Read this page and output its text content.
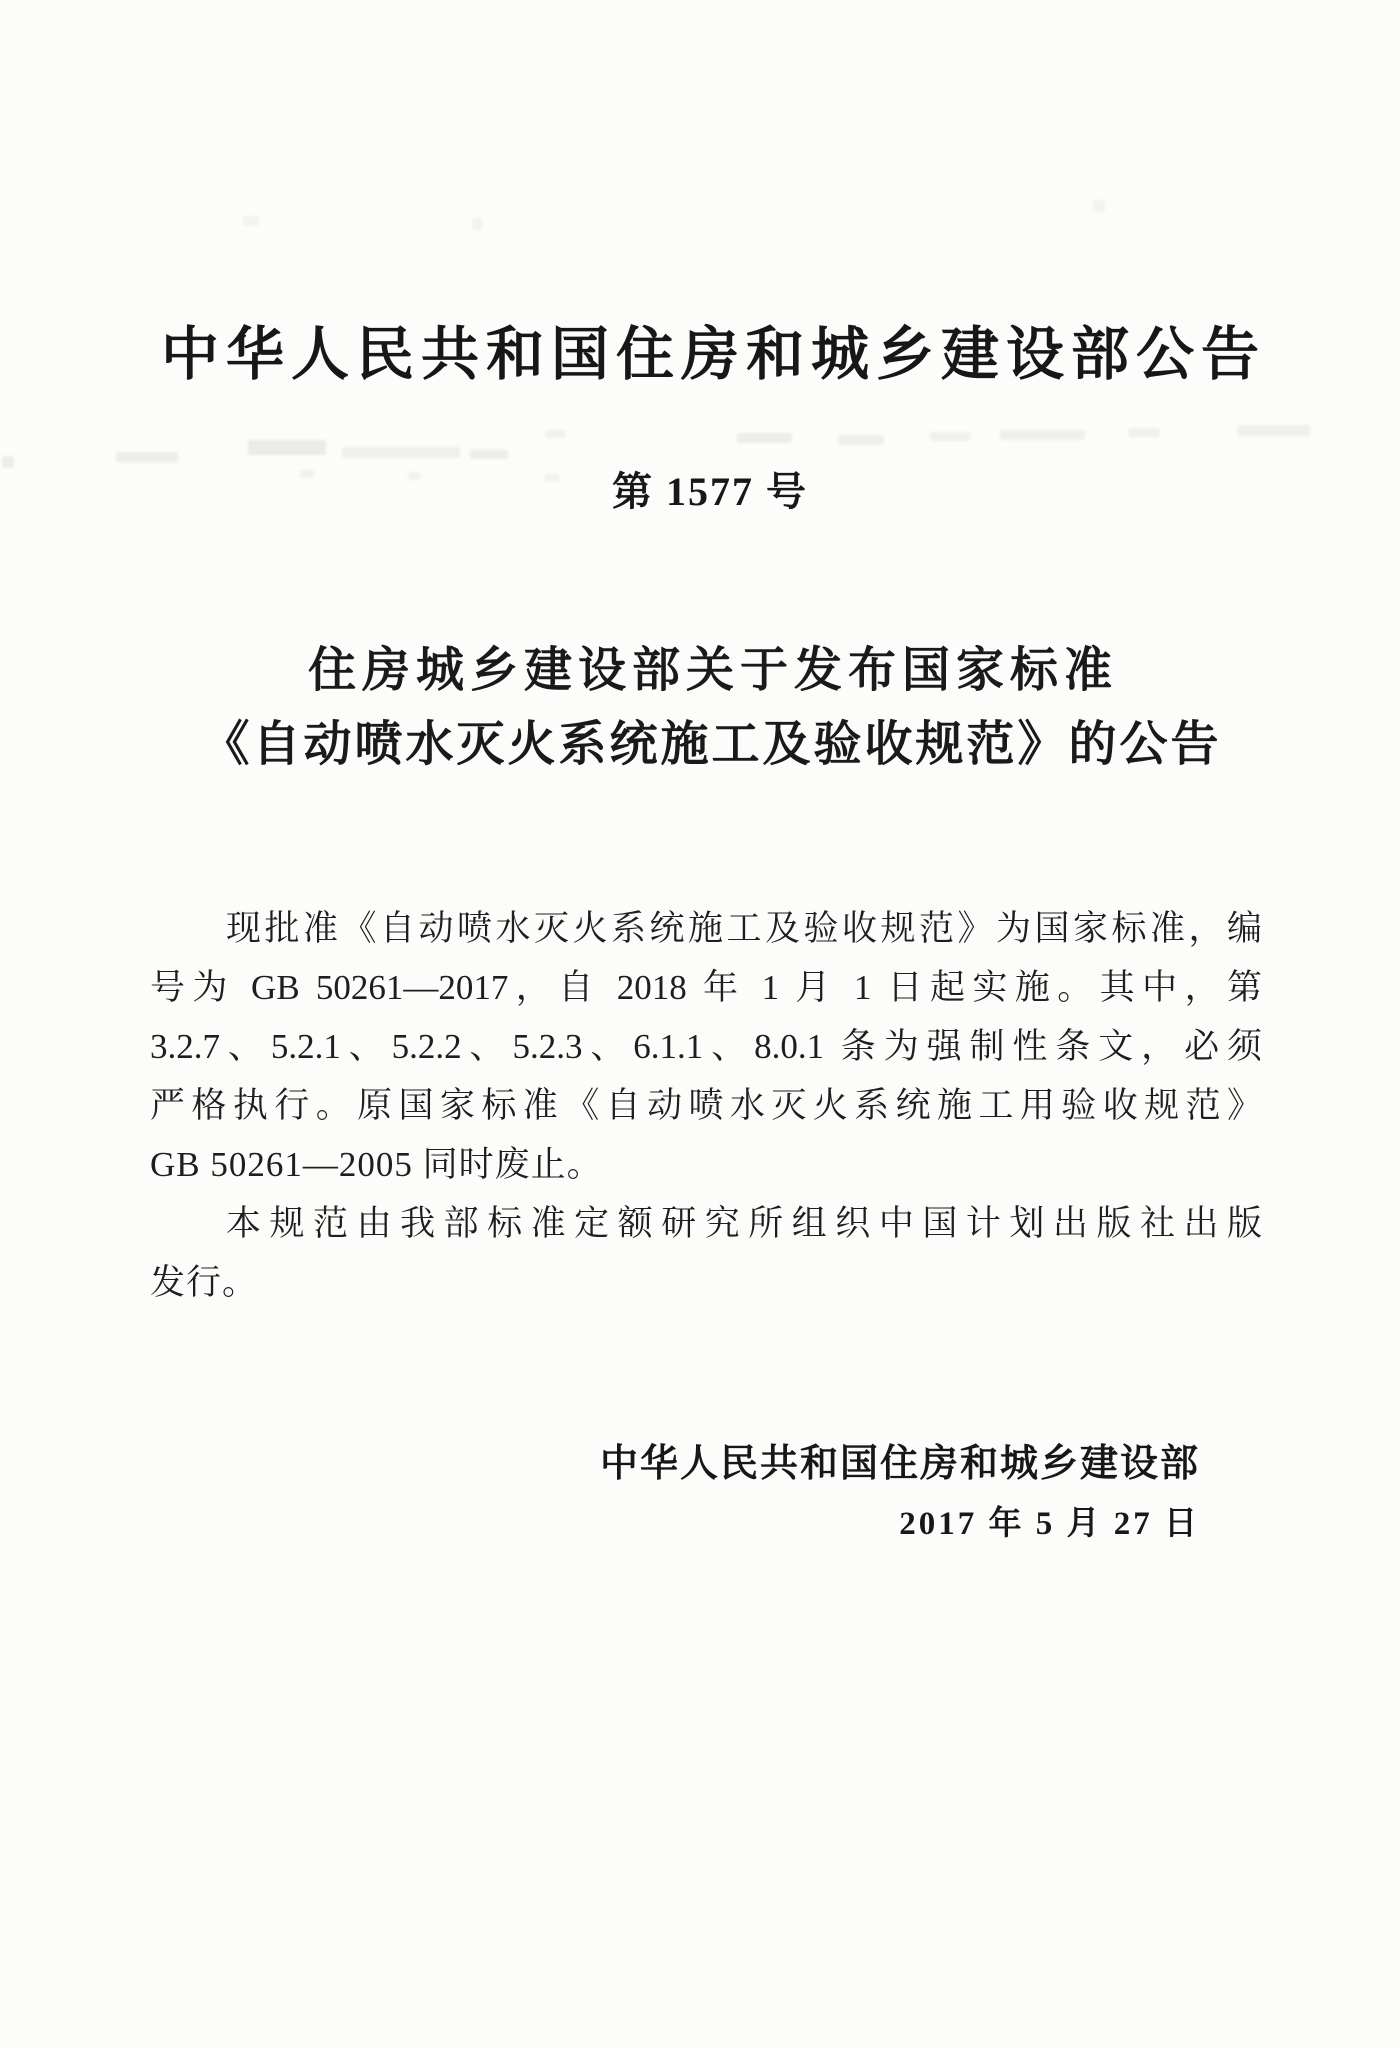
中华人民共和国住房和城乡建设部公告
第 1577 号
住房城乡建设部关于发布国家标准
《自动喷水灭火系统施工及验收规范》的公告
现批准《自动喷水灭火系统施工及验收规范》为国家标准，编
号为 GB 50261—2017，自 2018 年 1 月 1 日起实施。其中，第
3.2.7、5.2.1、5.2.2、5.2.3、6.1.1、8.0.1 条为强制性条文，必须
严格执行。原国家标准《自动喷水灭火系统施工用验收规范》
GB 50261—2005 同时废止。
本规范由我部标准定额研究所组织中国计划出版社出版
发行。
中华人民共和国住房和城乡建设部
2017 年 5 月 27 日
